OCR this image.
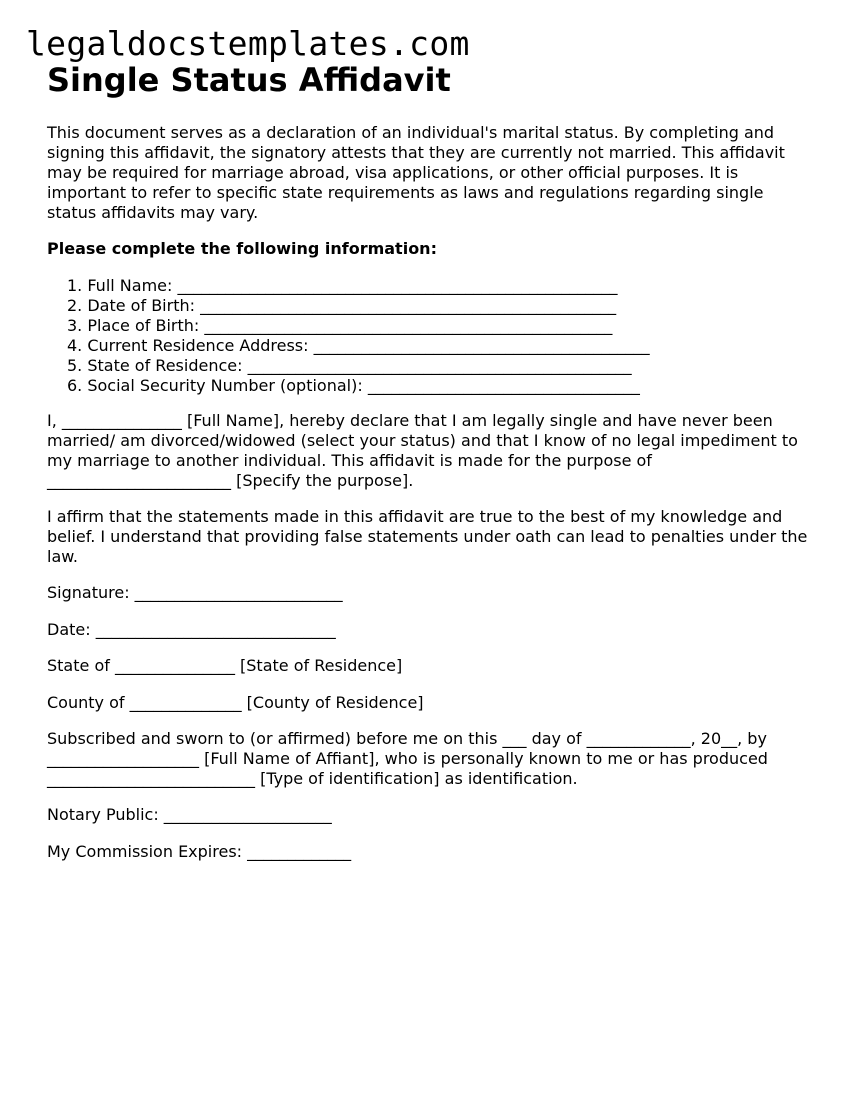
legaldocstemplates.com
Single Status Affidavit

This document serves as a declaration of an individual's marital status. By completing and signing this affidavit, the signatory attests that they are currently not married. This affidavit may be required for marriage abroad, visa applications, or other official purposes. It is important to refer to specific state requirements as laws and regulations regarding single status affidavits may vary.

Please complete the following information:

1. Full Name: _______________________________________________________
2. Date of Birth: ____________________________________________________
3. Place of Birth: ___________________________________________________
4. Current Residence Address: __________________________________________
5. State of Residence: ________________________________________________
6. Social Security Number (optional): __________________________________

I, _______________ [Full Name], hereby declare that I am legally single and have never been married/ am divorced/widowed (select your status) and that I know of no legal impediment to my marriage to another individual. This affidavit is made for the purpose of _______________________ [Specify the purpose].

I affirm that the statements made in this affidavit are true to the best of my knowledge and belief. I understand that providing false statements under oath can lead to penalties under the law.

Signature: __________________________

Date: ______________________________

State of _______________ [State of Residence]

County of ______________ [County of Residence]

Subscribed and sworn to (or affirmed) before me on this ___ day of _____________, 20__, by ___________________ [Full Name of Affiant], who is personally known to me or has produced __________________________ [Type of identification] as identification.

Notary Public: _____________________

My Commission Expires: _____________
